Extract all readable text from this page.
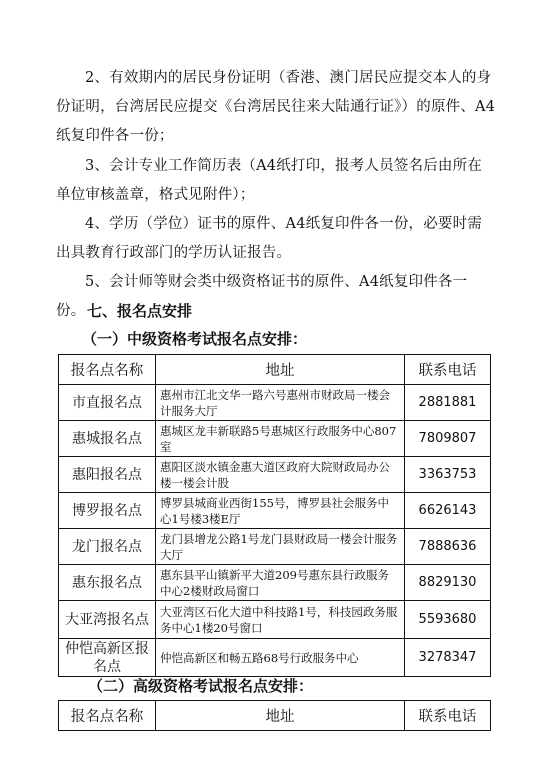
2、有效期内的居民身份证明（香港、澳门居民应提交本人的身份证明，台湾居民应提交《台湾居民往来大陆通行证》）的原件、A4纸复印件各一份；

3、会计专业工作简历表（A4纸打印，报考人员签名后由所在单位审核盖章，格式见附件）；

4、学历（学位）证书的原件、A4纸复印件各一份，必要时需出具教育行政部门的学历认证报告。

5、会计师等财会类中级资格证书的原件、A4纸复印件各一份。 七、报名点安排

（一）中级资格考试报名点安排：

报名点名称	地址	联系电话
市直报名点	惠州市江北文华一路六号惠州市财政局一楼会计服务大厅	2881881
惠城报名点	惠城区龙丰新联路5号惠城区行政服务中心807室	7809807
惠阳报名点	惠阳区淡水镇金惠大道区政府大院财政局办公楼一楼会计股	3363753
博罗报名点	博罗县城商业西街155号，博罗县社会服务中心1号楼3楼E厅	6626143
龙门报名点	龙门县增龙公路1号龙门县财政局一楼会计服务大厅	7888636
惠东报名点	惠东县平山镇新平大道209号惠东县行政服务中心2楼财政局窗口	8829130
大亚湾报名点	大亚湾区石化大道中科技路1号，科技园政务服务中心1楼20号窗口	5593680
仲恺高新区报名点	仲恺高新区和畅五路68号行政服务中心	3278347

（二）高级资格考试报名点安排：

报名点名称	地址	联系电话
